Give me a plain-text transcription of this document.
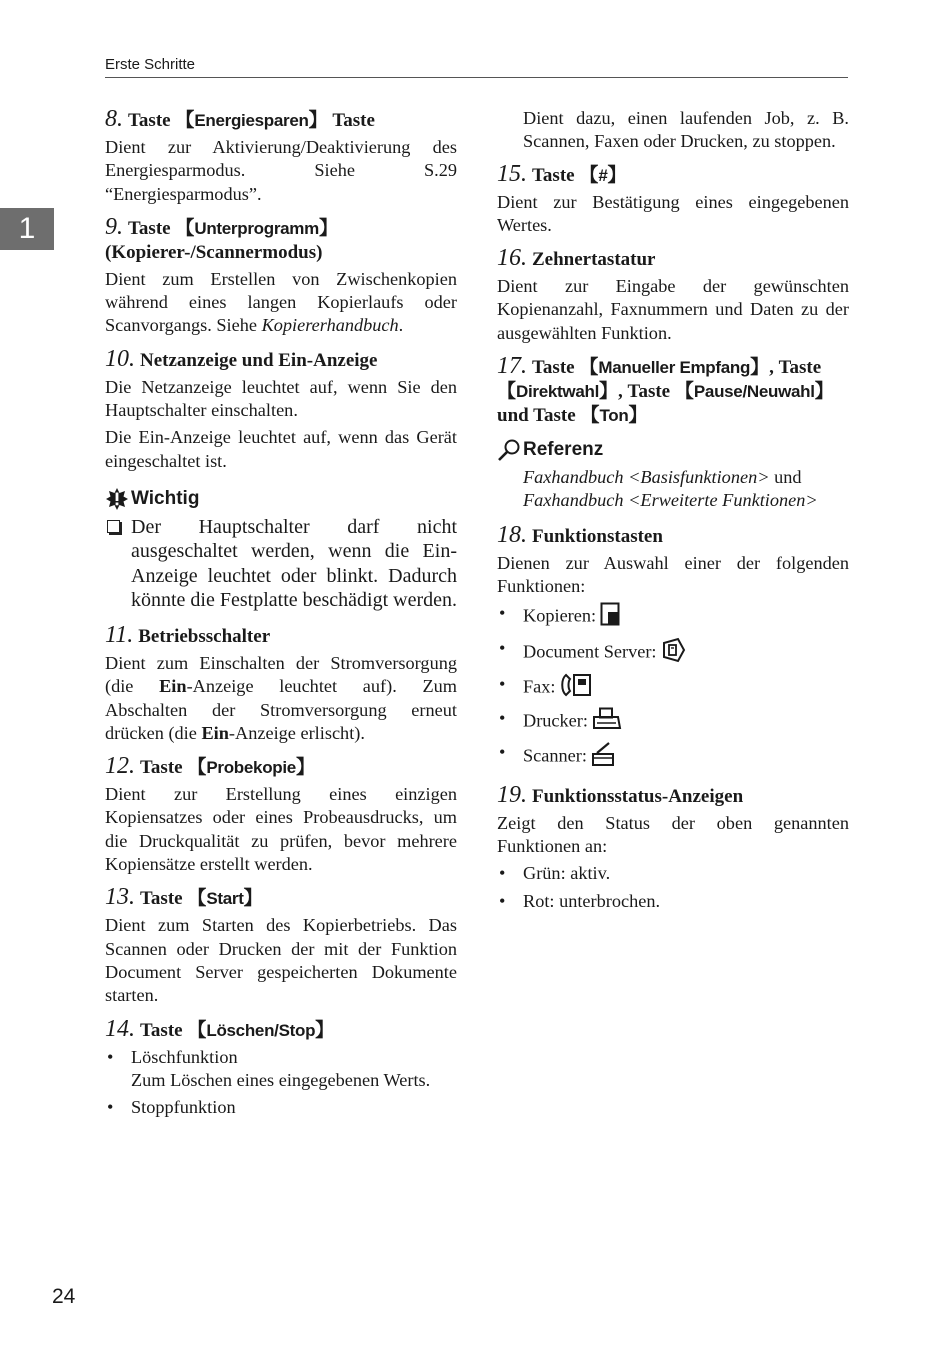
Erste Schritte
1
8. Taste 【Energiesparen】 Taste

Dient zur Aktivierung/Deaktivierung des Energiesparmodus. Siehe S.29 “Energiesparmodus”.

9. Taste 【Unterprogramm】 (Kopierer-/Scannermodus)

Dient zum Erstellen von Zwischenkopien während eines langen Kopierlaufs oder Scanvorgangs. Siehe Kopiererhandbuch.

10. Netzanzeige und Ein-Anzeige

Die Netzanzeige leuchtet auf, wenn Sie den Hauptschalter einschalten.

Die Ein-Anzeige leuchtet auf, wenn das Gerät eingeschaltet ist.

Wichtig
Der Hauptschalter darf nicht ausgeschaltet werden, wenn die Ein-Anzeige leuchtet oder blinkt. Dadurch könnte die Festplatte beschädigt werden.
11. Betriebsschalter

Dient zum Einschalten der Stromversorgung (die Ein-Anzeige leuchtet auf). Zum Abschalten der Stromversorgung erneut drücken (die Ein-Anzeige erlischt).

12. Taste 【Probekopie】

Dient zur Erstellung eines einzigen Kopiensatzes oder eines Probeausdrucks, um die Druckqualität zu prüfen, bevor mehrere Kopiensätze erstellt werden.

13. Taste 【Start】

Dient zum Starten des Kopierbetriebs. Das Scannen oder Drucken der mit der Funktion Document Server gespeicherten Dokumente starten.

14. Taste 【Löschen/Stop】
• Löschfunktion
Zum Löschen eines eingegebenen Werts.
• Stoppfunktion

Dient dazu, einen laufenden Job, z. B. Scannen, Faxen oder Drucken, zu stoppen.

15. Taste 【#】

Dient zur Bestätigung eines eingegebenen Wertes.

16. Zehnertastatur

Dient zur Eingabe der gewünschten Kopienanzahl, Faxnummern und Daten zu der ausgewählten Funktion.

17. Taste 【Manueller Empfang】, Taste 【Direktwahl】, Taste 【Pause/Neuwahl】 und Taste 【Ton】
Referenz

Faxhandbuch <Basisfunktionen> und Faxhandbuch <Erweiterte Funktionen>

18. Funktionstasten

Dienen zur Auswahl einer der folgenden Funktionen:

• Kopieren:
• Document Server:
• Fax:
• Drucker:
• Scanner:
19. Funktionsstatus-Anzeigen

Zeigt den Status der oben genannten Funktionen an:

• Grün: aktiv.
• Rot: unterbrochen.
24
